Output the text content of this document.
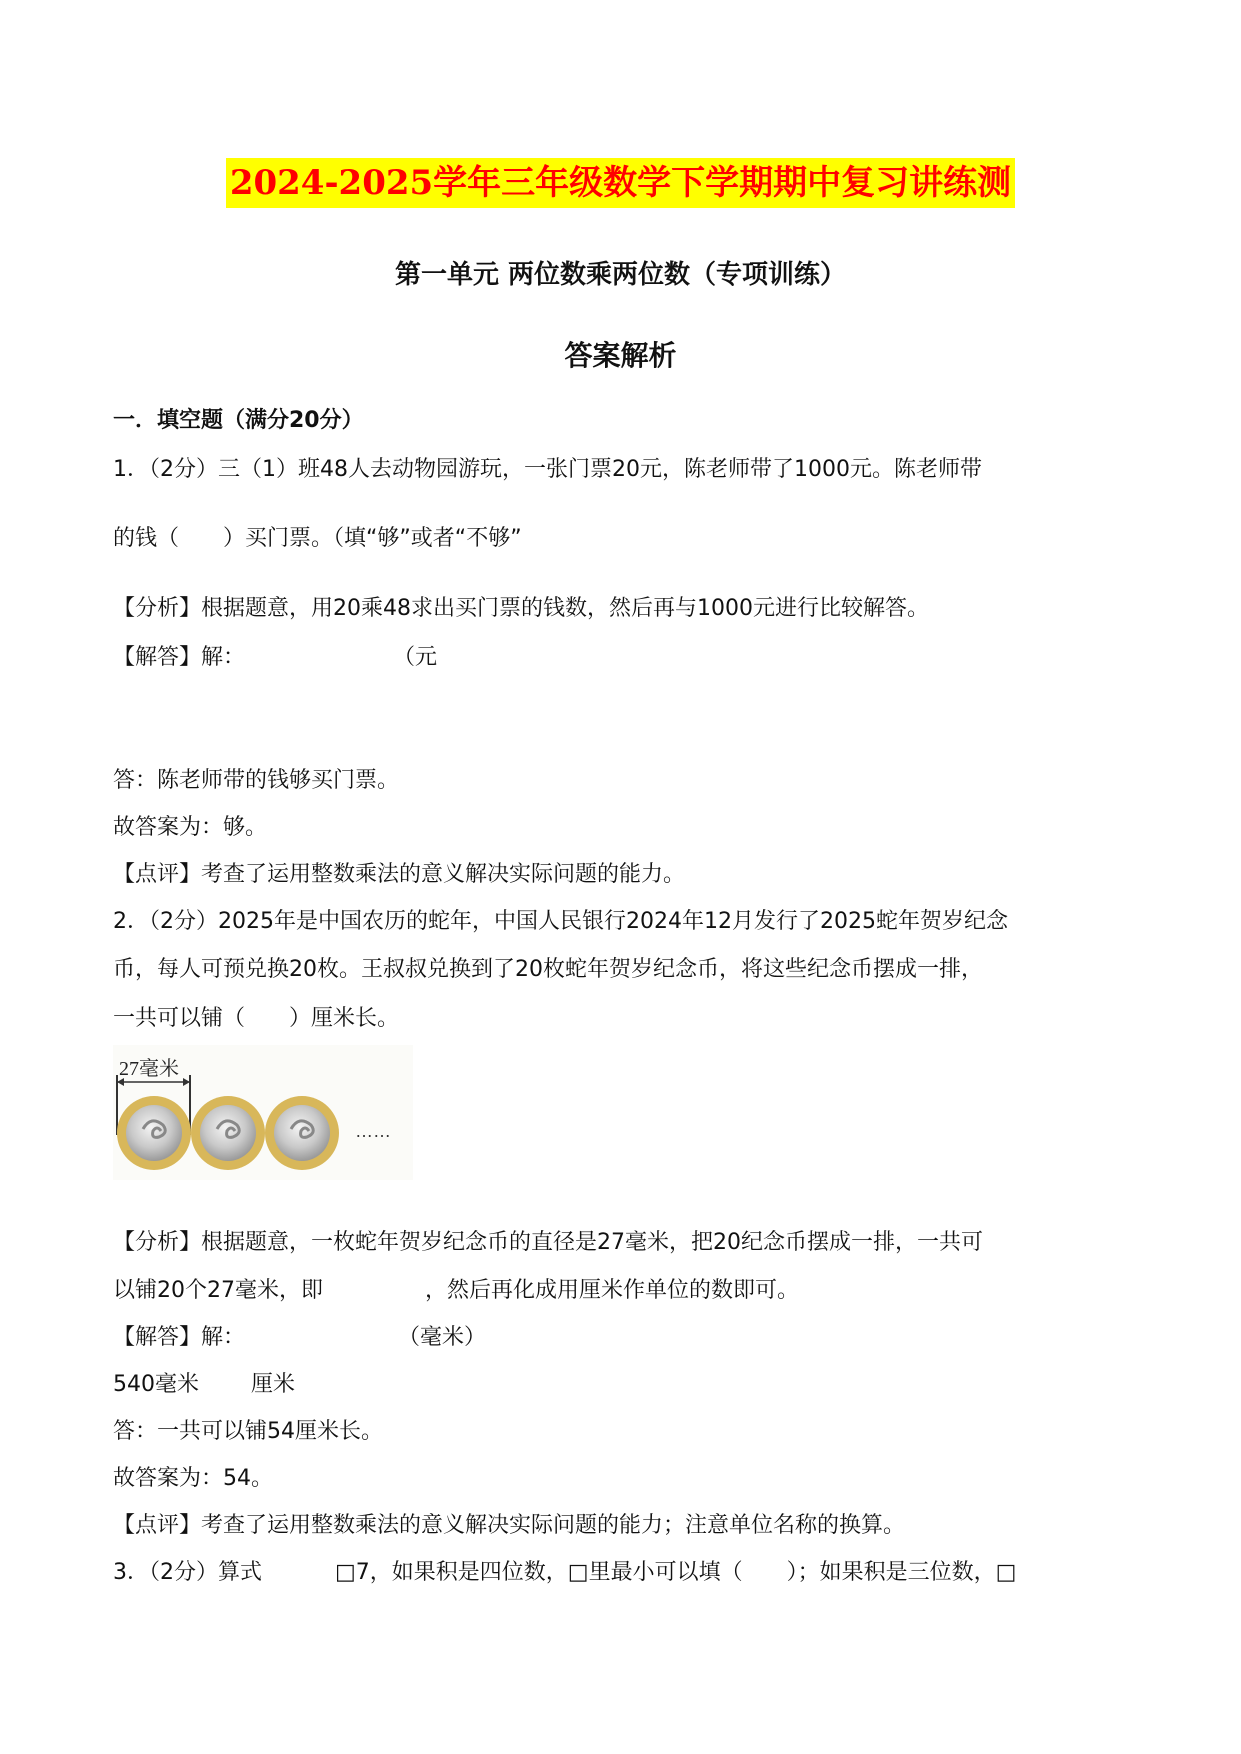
2024-2025学年三年级数学下学期期中复习讲练测
第一单元 两位数乘两位数（专项训练）
答案解析
一．填空题（满分20分）
1．（2分）三（1）班48人去动物园游玩，一张门票20元，陈老师带了1000元。陈老师带
的钱（　　）买门票。（填“够”或者“不够”
【分析】根据题意，用20乘48求出买门票的钱数，然后再与1000元进行比较解答。
【解答】解：	（元
答：陈老师带的钱够买门票。
故答案为：够。
【点评】考查了运用整数乘法的意义解决实际问题的能力。
2．（2分）2025年是中国农历的蛇年，中国人民银行2024年12月发行了2025蛇年贺岁纪念
币，每人可预兑换20枚。王叔叔兑换到了20枚蛇年贺岁纪念币，将这些纪念币摆成一排，
一共可以铺（　　）厘米长。
27毫米
……
【分析】根据题意，一枚蛇年贺岁纪念币的直径是27毫米，把20纪念币摆成一排，一共可
以铺20个27毫米，即	，然后再化成用厘米作单位的数即可。
【解答】解：	（毫米）
540毫米 厘米
答：一共可以铺54厘米长。
故答案为：54。
【点评】考查了运用整数乘法的意义解决实际问题的能力；注意单位名称的换算。
3．（2分）算式	□7，如果积是四位数，□里最小可以填（　　）；如果积是三位数，□
